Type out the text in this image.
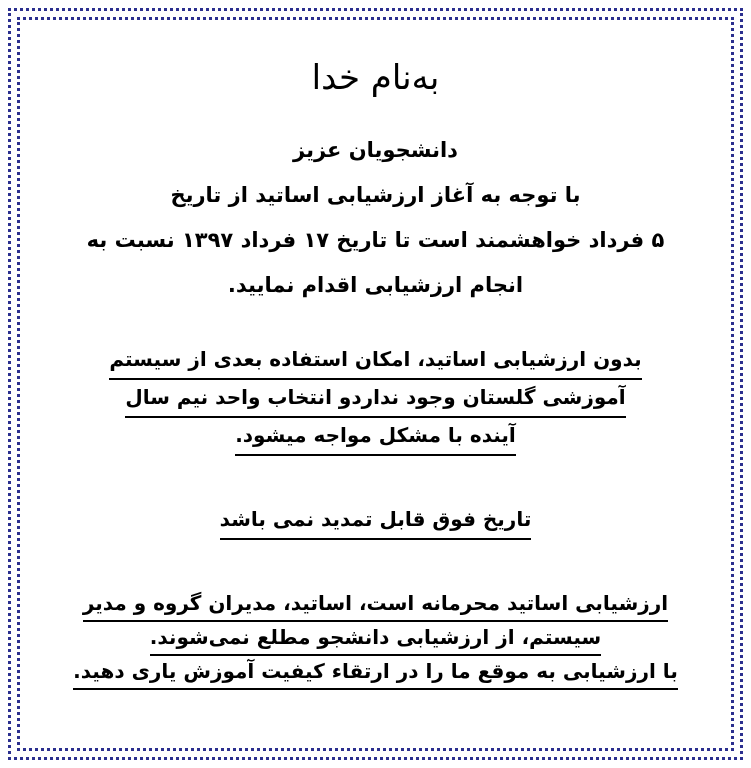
به‌نام خدا
دانشجویان عزیز
با توجه به آغاز ارزشیابی اساتید از تاریخ
۵ فرداد خواهشمند است تا تاریخ ۱۷ فرداد ۱۳۹۷ نسبت به
انجام ارزشیابی اقدام نمایید.
بدون ارزشیابی اساتید، امکان استفاده بعدی از سیستم
آموزشی گلستان وجود نداردو انتخاب واحد نیم سال
آینده با مشکل مواجه میشود.
تاریخ فوق قابل تمدید نمی باشد
ارزشیابی اساتید محرمانه است، اساتید، مدیران گروه و مدیر
سیستم، از ارزشیابی دانشجو مطلع نمی‌شوند.
با ارزشیابی به موقع ما را در ارتقاء کیفیت آموزش یاری دهید.
